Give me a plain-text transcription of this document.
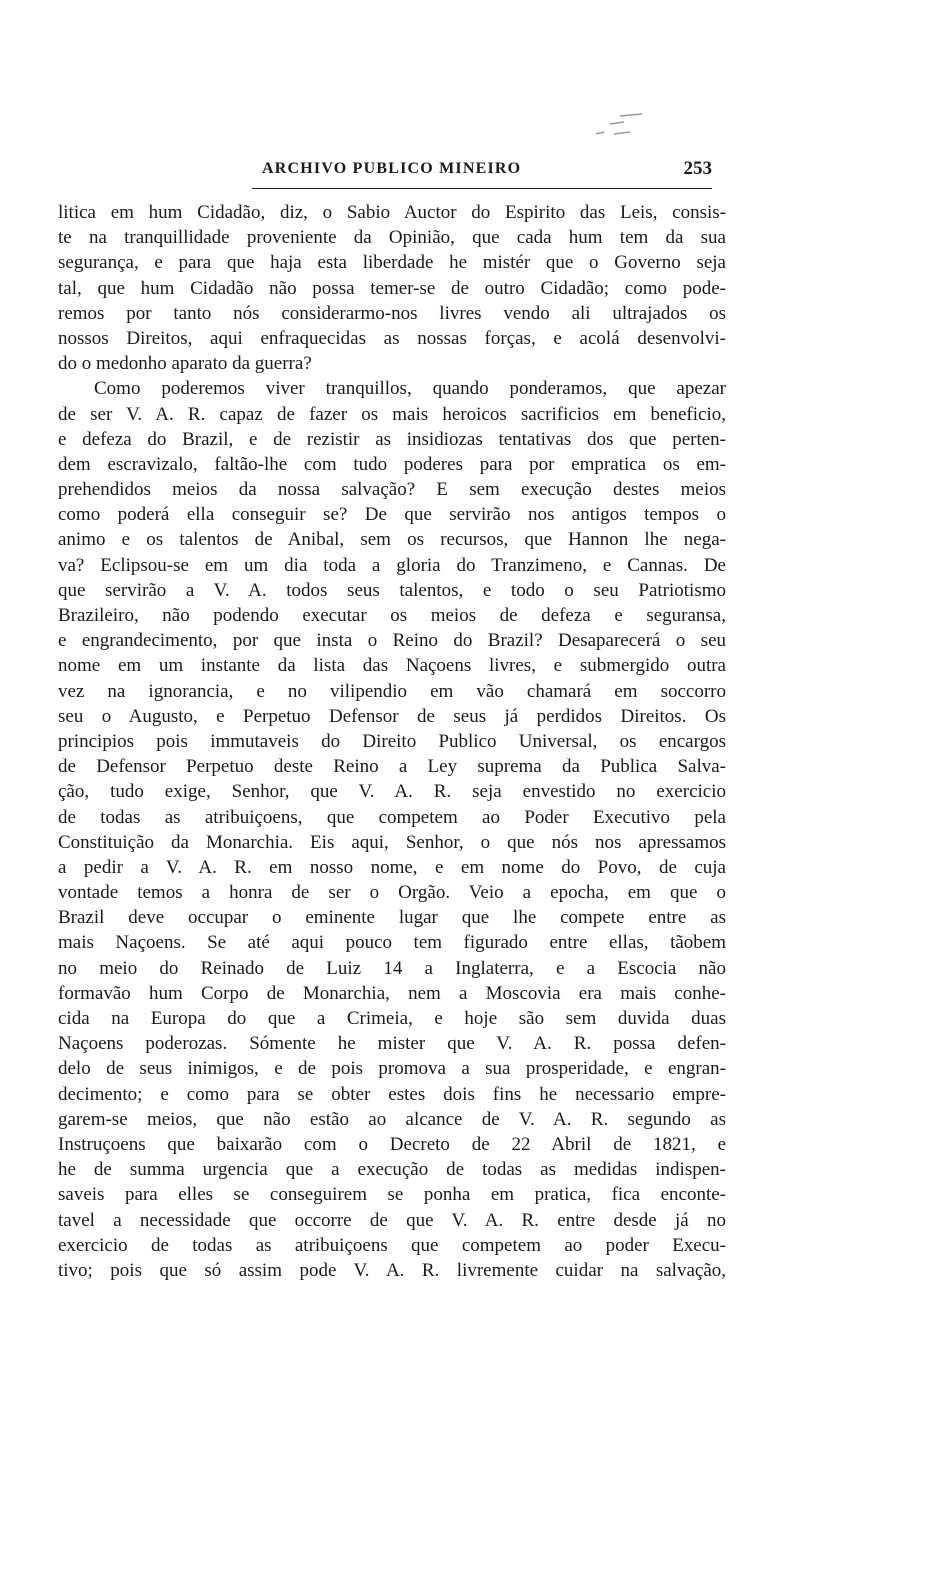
ARCHIVO PUBLICO MINEIRO	253
litica em hum Cidadão, diz, o Sabio Auctor do Espirito das Leis, consis-
te na tranquillidade proveniente da Opinião, que cada hum tem da sua
segurança, e para que haja esta liberdade he mistér que o Governo seja
tal, que hum Cidadão não possa temer-se de outro Cidadão; como pode-
remos por tanto nós considerarmo-nos livres vendo ali ultrajados os
nossos Direitos, aqui enfraquecidas as nossas forças, e acolá desenvolvi-
do o medonho aparato da guerra?
Como poderemos viver tranquillos, quando ponderamos, que apezar
de ser V. A. R. capaz de fazer os mais heroicos sacrificios em beneficio,
e defeza do Brazil, e de rezistir as insidiozas tentativas dos que perten-
dem escravizalo, faltão-lhe com tudo poderes para por empratica os em-
prehendidos meios da nossa salvação? E sem execução destes meios
como poderá ella conseguir se? De que servirão nos antigos tempos o
animo e os talentos de Anibal, sem os recursos, que Hannon lhe nega-
va? Eclipsou-se em um dia toda a gloria do Tranzimeno, e Cannas. De
que servirão a V. A. todos seus talentos, e todo o seu Patriotismo
Brazileiro, não podendo executar os meios de defeza e seguransa,
e engrandecimento, por que insta o Reino do Brazil? Desaparecerá o seu
nome em um instante da lista das Naçoens livres, e submergido outra
vez na ignorancia, e no vilipendio em vão chamará em soccorro
seu o Augusto, e Perpetuo Defensor de seus já perdidos Direitos. Os
principios pois immutaveis do Direito Publico Universal, os encargos
de Defensor Perpetuo deste Reino a Ley suprema da Publica Salva-
ção, tudo exige, Senhor, que V. A. R. seja envestido no exercicio
de todas as atribuiçoens, que competem ao Poder Executivo pela
Constituição da Monarchia. Eis aqui, Senhor, o que nós nos apressamos
a pedir a V. A. R. em nosso nome, e em nome do Povo, de cuja
vontade temos a honra de ser o Orgão. Veio a epocha, em que o
Brazil deve occupar o eminente lugar que lhe compete entre as
mais Naçoens. Se até aqui pouco tem figurado entre ellas, tãobem
no meio do Reinado de Luiz 14 a Inglaterra, e a Escocia não
formavão hum Corpo de Monarchia, nem a Moscovia era mais conhe-
cida na Europa do que a Crimeia, e hoje são sem duvida duas
Naçoens poderozas. Sómente he mister que V. A. R. possa defen-
delo de seus inimigos, e de pois promova a sua prosperidade, e engran-
decimento; e como para se obter estes dois fins he necessario empre-
garem-se meios, que não estão ao alcance de V. A. R. segundo as
Instruçoens que baixarão com o Decreto de 22 Abril de 1821, e
he de summa urgencia que a execução de todas as medidas indispen-
saveis para elles se conseguirem se ponha em pratica, fica enconte-
tavel a necessidade que occorre de que V. A. R. entre desde já no
exercicio de todas as atribuiçoens que competem ao poder Execu-
tivo; pois que só assim pode V. A. R. livremente cuidar na salvação,
